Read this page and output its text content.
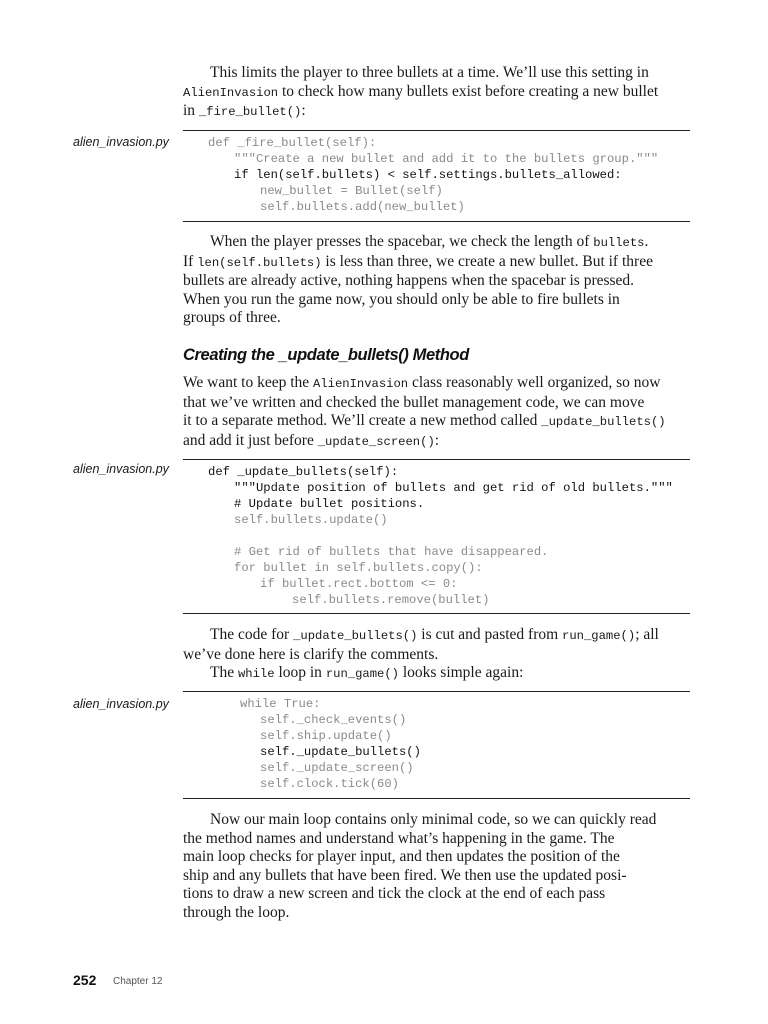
This limits the player to three bullets at a time. We’ll use this setting in
AlienInvasion to check how many bullets exist before creating a new bullet
in _fire_bullet():

alien_invasion.py	def _fire_bullet(self):
"""Create a new bullet and add it to the bullets group."""
if len(self.bullets) < self.settings.bullets_allowed:
new_bullet = Bullet(self)
self.bullets.add(new_bullet)

When the player presses the spacebar, we check the length of bullets.
If len(self.bullets) is less than three, we create a new bullet. But if three
bullets are already active, nothing happens when the spacebar is pressed.
When you run the game now, you should only be able to fire bullets in
groups of three.

Creating the _update_bullets() Method

We want to keep the AlienInvasion class reasonably well organized, so now
that we’ve written and checked the bullet management code, we can move
it to a separate method. We’ll create a new method called _update_bullets()
and add it just before _update_screen():

alien_invasion.py	def _update_bullets(self):
"""Update position of bullets and get rid of old bullets."""
# Update bullet positions.
self.bullets.update()
# Get rid of bullets that have disappeared.
for bullet in self.bullets.copy():
if bullet.rect.bottom <= 0:
self.bullets.remove(bullet)

The code for _update_bullets() is cut and pasted from run_game(); all
we’ve done here is clarify the comments.
The while loop in run_game() looks simple again:

alien_invasion.py	while True:
self._check_events()
self.ship.update()
self._update_bullets()
self._update_screen()
self.clock.tick(60)

Now our main loop contains only minimal code, so we can quickly read
the method names and understand what’s happening in the game. The
main loop checks for player input, and then updates the position of the
ship and any bullets that have been fired. We then use the updated posi-
tions to draw a new screen and tick the clock at the end of each pass
through the loop.

252 Chapter 12
